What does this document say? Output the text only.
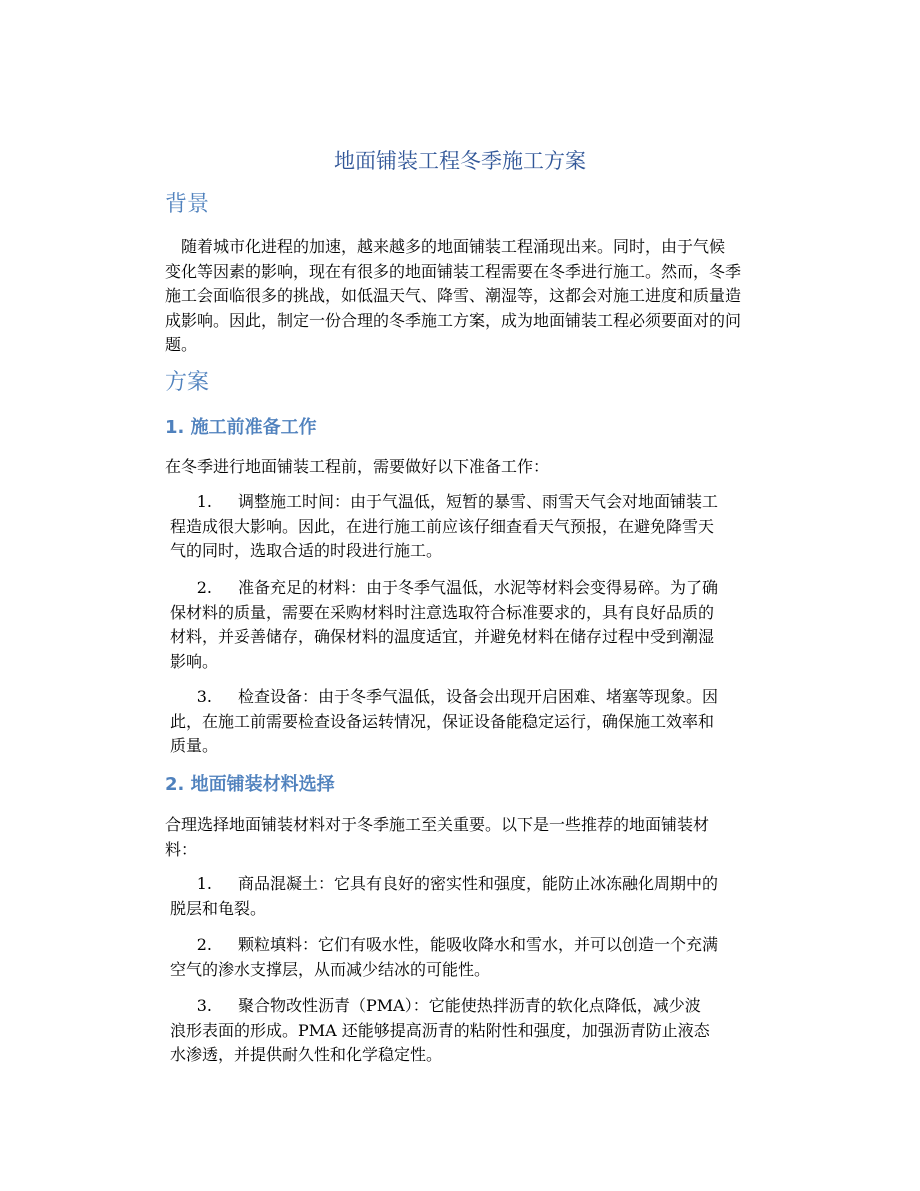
地面铺装工程冬季施工方案
背景
　随着城市化进程的加速，越来越多的地面铺装工程涌现出来。同时，由于气候
变化等因素的影响，现在有很多的地面铺装工程需要在冬季进行施工。然而，冬季
施工会面临很多的挑战，如低温天气、降雪、潮湿等，这都会对施工进度和质量造
成影响。因此，制定一份合理的冬季施工方案，成为地面铺装工程必须要面对的问
题。
方案
1. 施工前准备工作
在冬季进行地面铺装工程前，需要做好以下准备工作：
1. 调整施工时间：由于气温低，短暂的暴雪、雨雪天气会对地面铺装工
程造成很大影响。因此，在进行施工前应该仔细查看天气预报，在避免降雪天
气的同时，选取合适的时段进行施工。
2. 准备充足的材料：由于冬季气温低，水泥等材料会变得易碎。为了确
保材料的质量，需要在采购材料时注意选取符合标准要求的，具有良好品质的
材料，并妥善储存，确保材料的温度适宜，并避免材料在储存过程中受到潮湿
影响。
3. 检查设备：由于冬季气温低，设备会出现开启困难、堵塞等现象。因
此，在施工前需要检查设备运转情况，保证设备能稳定运行，确保施工效率和
质量。
2. 地面铺装材料选择
合理选择地面铺装材料对于冬季施工至关重要。以下是一些推荐的地面铺装材
料：
1. 商品混凝土：它具有良好的密实性和强度，能防止冰冻融化周期中的
脱层和龟裂。
2. 颗粒填料：它们有吸水性，能吸收降水和雪水，并可以创造一个充满
空气的渗水支撑层，从而减少结冰的可能性。
3. 聚合物改性沥青（PMA）：它能使热拌沥青的软化点降低，减少波
浪形表面的形成。PMA 还能够提高沥青的粘附性和强度，加强沥青防止液态
水渗透，并提供耐久性和化学稳定性。
